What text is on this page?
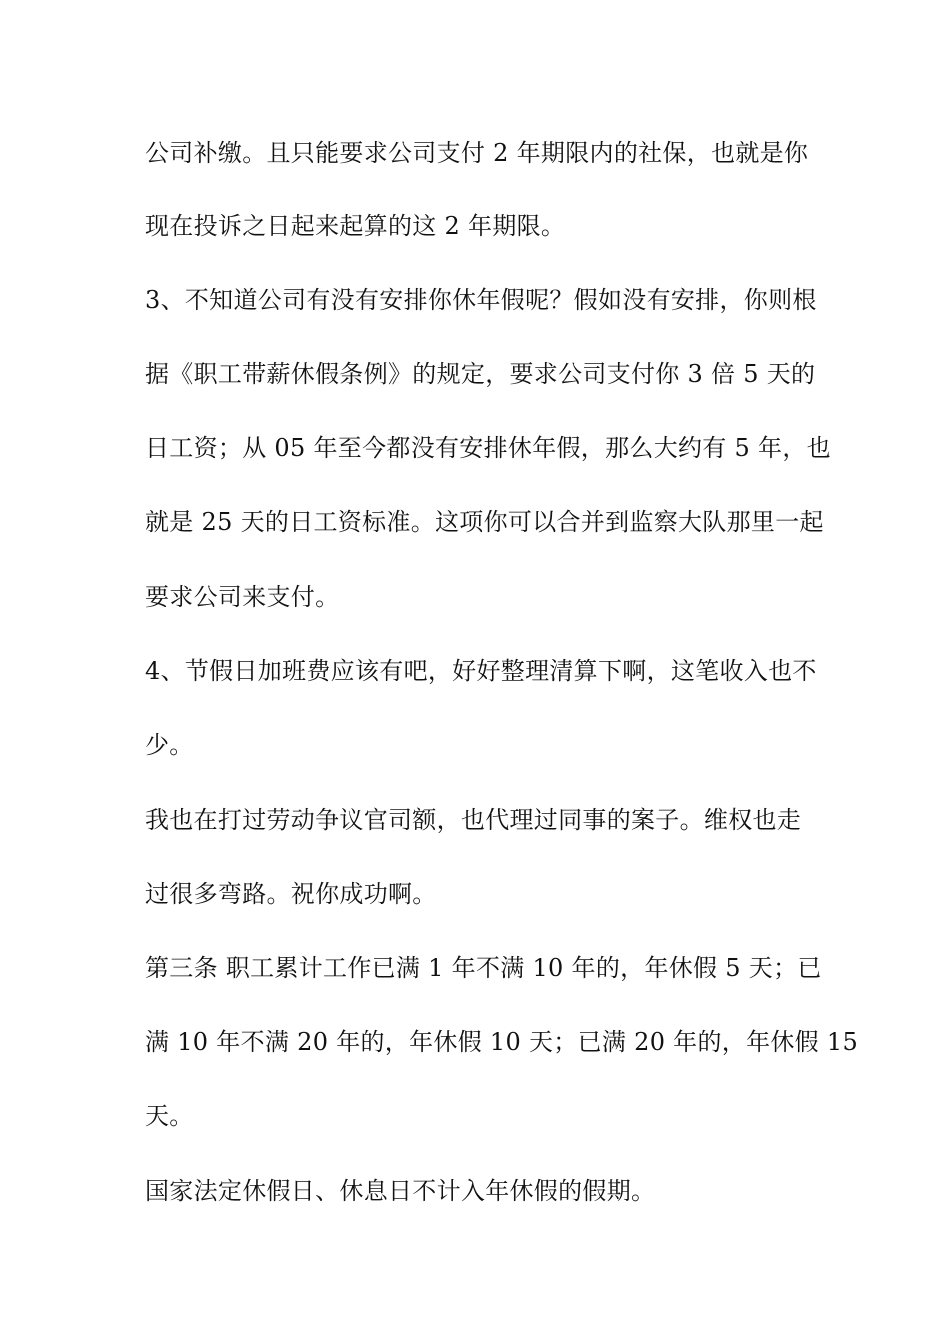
公司补缴。且只能要求公司支付 2 年期限内的社保，也就是你
现在投诉之日起来起算的这 2 年期限。
3、不知道公司有没有安排你休年假呢？假如没有安排，你则根
据《职工带薪休假条例》的规定，要求公司支付你 3 倍 5 天的
日工资；从 05 年至今都没有安排休年假，那么大约有 5 年，也
就是 25 天的日工资标准。这项你可以合并到监察大队那里一起
要求公司来支付。
4、节假日加班费应该有吧，好好整理清算下啊，这笔收入也不
少。
我也在打过劳动争议官司额，也代理过同事的案子。维权也走
过很多弯路。祝你成功啊。
第三条 职工累计工作已满 1 年不满 10 年的，年休假 5 天；已
满 10 年不满 20 年的，年休假 10 天；已满 20 年的，年休假 15
天。
国家法定休假日、休息日不计入年休假的假期。
